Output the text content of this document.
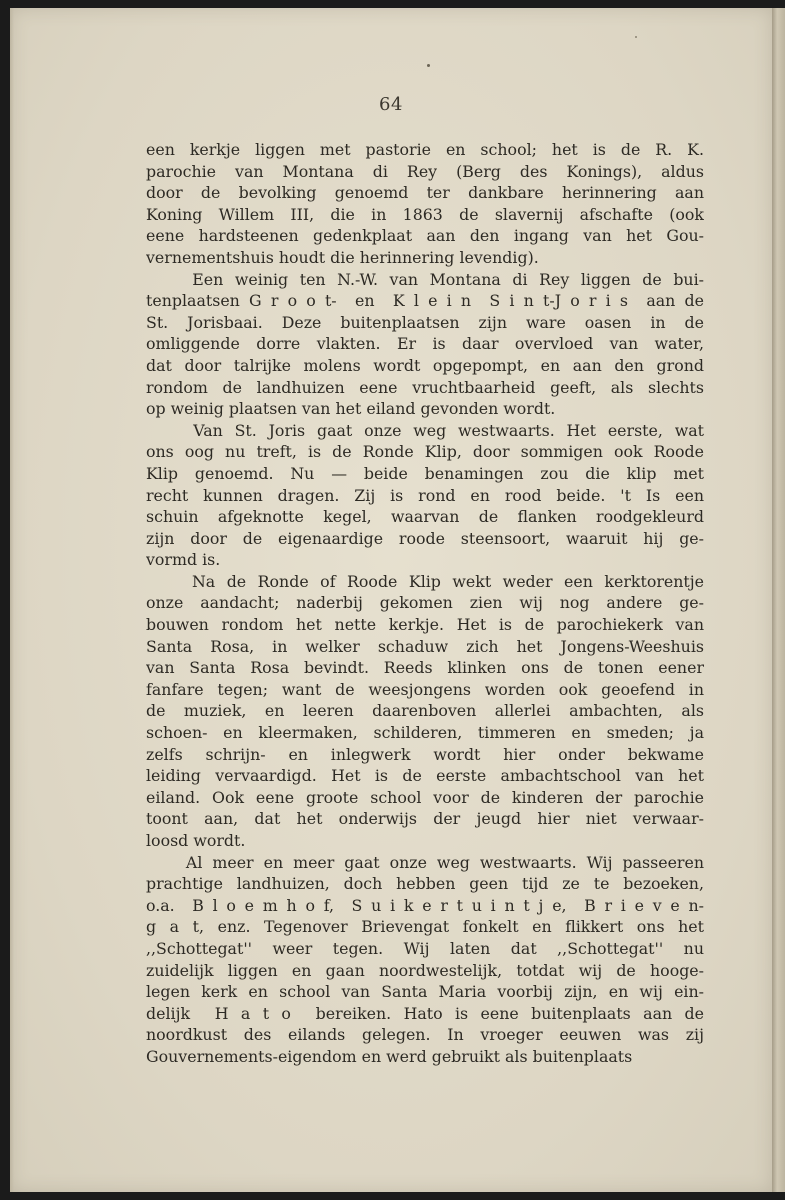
64
een kerkje liggen met pastorie en school; het is de R. K.
parochie van Montana di Rey (Berg des Konings), aldus
door de bevolking genoemd ter dankbare herinnering aan
Koning Willem III, die in 1863 de slavernij afschafte (ook
eene hardsteenen gedenkplaat aan den ingang van het Gou-
vernementshuis houdt die herinnering levendig).
Een weinig ten N.-W. van Montana di Rey liggen de bui-
tenplaatsen G r o o t-  en  K l e i n  S i n t-J o r i s  aan de
St. Jorisbaai. Deze buitenplaatsen zijn ware oasen in de
omliggende dorre vlakten. Er is daar overvloed van water,
dat door talrijke molens wordt opgepompt, en aan den grond
rondom de landhuizen eene vruchtbaarheid geeft, als slechts
op weinig plaatsen van het eiland gevonden wordt.
Van St. Joris gaat onze weg westwaarts. Het eerste, wat
ons oog nu treft, is de Ronde Klip, door sommigen ook Roode
Klip genoemd. Nu — beide benamingen zou die klip met
recht kunnen dragen. Zij is rond en rood beide. 't Is een
schuin afgeknotte kegel, waarvan de flanken roodgekleurd
zijn door de eigenaardige roode steensoort, waaruit hij ge-
vormd is.
Na de Ronde of Roode Klip wekt weder een kerktorentje
onze aandacht; naderbij gekomen zien wij nog andere ge-
bouwen rondom het nette kerkje. Het is de parochiekerk van
Santa Rosa, in welker schaduw zich het Jongens-Weeshuis
van Santa Rosa bevindt. Reeds klinken ons de tonen eener
fanfare tegen; want de weesjongens worden ook geoefend in
de muziek, en leeren daarenboven allerlei ambachten, als
schoen- en kleermaken, schilderen, timmeren en smeden; ja
zelfs schrijn- en inlegwerk wordt hier onder bekwame
leiding vervaardigd. Het is de eerste ambachtschool van het
eiland. Ook eene groote school voor de kinderen der parochie
toont aan, dat het onderwijs der jeugd hier niet verwaar-
loosd wordt.
Al meer en meer gaat onze weg westwaarts. Wij passeeren
prachtige landhuizen, doch hebben geen tijd ze te bezoeken,
o.a.  B l o e m h o f,  S u i k e r t u i n t j e,  B r i e v e n-
g a t, enz. Tegenover Brievengat fonkelt en flikkert ons het
,,Schottegat'' weer tegen. Wij laten dat ,,Schottegat'' nu
zuidelijk liggen en gaan noordwestelijk, totdat wij de hooge-
legen kerk en school van Santa Maria voorbij zijn, en wij ein-
delijk  H a t o  bereiken. Hato is eene buitenplaats aan de
noordkust des eilands gelegen. In vroeger eeuwen was zij
Gouvernements-eigendom en werd gebruikt als buitenplaats
